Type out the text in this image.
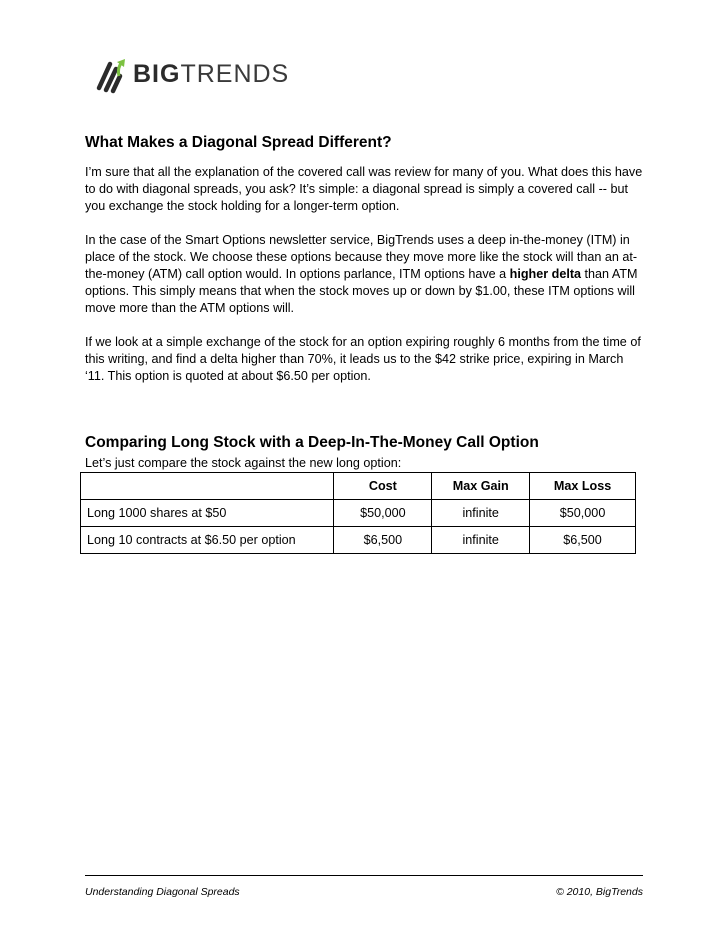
BIGTRENDS
What Makes a Diagonal Spread Different?

I’m sure that all the explanation of the covered call was review for many of you. What does this have to do with diagonal spreads, you ask? It’s simple: a diagonal spread is simply a covered call -- but you exchange the stock holding for a longer-term option.

In the case of the Smart Options newsletter service, BigTrends uses a deep in-the-money (ITM) in place of the stock. We choose these options because they move more like the stock will than an at-the-money (ATM) call option would. In options parlance, ITM options have a higher delta than ATM options. This simply means that when the stock moves up or down by $1.00, these ITM options will move more than the ATM options will.

If we look at a simple exchange of the stock for an option expiring roughly 6 months from the time of this writing, and find a delta higher than 70%, it leads us to the $42 strike price, expiring in March ‘11. This option is quoted at about $6.50 per option.

Comparing Long Stock with a Deep-In-The-Money Call Option

Let’s just compare the stock against the new long option:

	Cost	Max Gain	Max Loss
Long 1000 shares at $50	$50,000	infinite	$50,000
Long 10 contracts at $6.50 per option	$6,500	infinite	$6,500
Understanding Diagonal Spreads	© 2010, BigTrends
